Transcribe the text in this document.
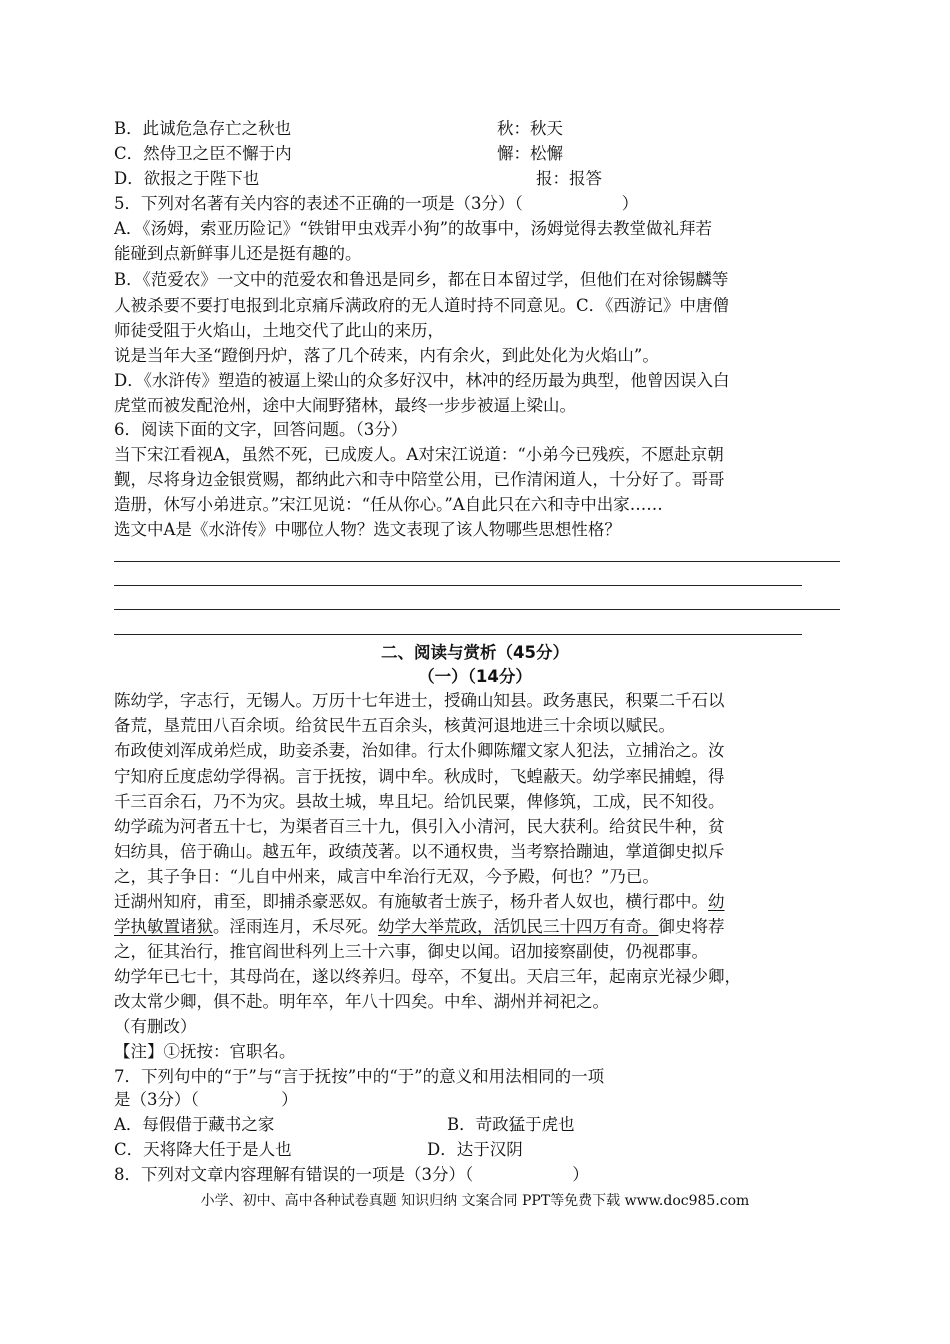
B．此诚危急存亡之秋也	秋：秋天
C．然侍卫之臣不懈于内	懈：松懈
D．欲报之于陛下也	报：报答
5．下列对名著有关内容的表述不正确的一项是（3分）（　　　　　　）
A．《汤姆，索亚历险记》“铁钳甲虫戏弄小狗”的故事中，汤姆觉得去教堂做礼拜若
能碰到点新鲜事儿还是挺有趣的。
B．《范爱农》一文中的范爱农和鲁迅是同乡，都在日本留过学，但他们在对徐锡麟等
人被杀要不要打电报到北京痛斥满政府的无人道时持不同意见。C．《西游记》中唐僧
师徒受阻于火焰山，土地交代了此山的来历，
说是当年大圣“蹬倒丹炉，落了几个砖来，内有余火，到此处化为火焰山”。
D．《水浒传》塑造的被逼上梁山的众多好汉中，林冲的经历最为典型，他曾因误入白
虎堂而被发配沧州，途中大闹野猪林，最终一步步被逼上梁山。
6．阅读下面的文字，回答问题。（3分）
当下宋江看视A，虽然不死，已成废人。A对宋江说道：“小弟今已残疾，不愿赴京朝
觐，尽将身边金银赏赐，都纳此六和寺中陪堂公用，已作清闲道人，十分好了。哥哥
造册，休写小弟进京。”宋江见说：“任从你心。”A自此只在六和寺中出家……
选文中A是《水浒传》中哪位人物？选文表现了该人物哪些思想性格？
二、阅读与赏析（45分）
（一）（14分）
陈幼学，字志行，无锡人。万历十七年进士，授确山知县。政务惠民，积粟二千石以
备荒，垦荒田八百余顷。给贫民牛五百余头，核黄河退地进三十余顷以赋民。
布政使刘浑成弟烂成，助妾杀妻，治如律。行太仆卿陈耀文家人犯法，立捕治之。汝
宁知府丘度虑幼学得祸。言于抚按，调中牟。秋成时，飞蝗蔽天。幼学率民捕蝗，得
千三百余石，乃不为灾。县故土城，卑且圮。给饥民粟，俾修筑，工成，民不知役。
幼学疏为河者五十七，为渠者百三十九，俱引入小清河，民大获利。给贫民牛种，贫
妇纺具，倍于确山。越五年，政绩茂著。以不通权贵，当考察拾蹦迪，掌道御史拟斥
之，其子争日：“儿自中州来，咸言中牟治行无双，今予殿，何也？”乃已。
迁湖州知府，甫至，即捕杀豪恶奴。有施敏者士族子，杨升者人奴也，横行郡中。幼
学执敏置诸狱。淫雨连月，禾尽死。幼学大举荒政，活饥民三十四万有奇。御史将荐
之，征其治行，推官阎世科列上三十六事，御史以闻。诏加接察副使，仍视郡事。
幼学年已七十，其母尚在，遂以终养归。母卒，不复出。天启三年，起南京光禄少卿，
改太常少卿，俱不赴。明年卒，年八十四矣。中牟、湖州并祠祀之。
（有删改）
【注】①抚按：官职名。
7．下列句中的“于”与“言于抚按”中的“于”的意义和用法相同的一项
是（3分）（　　　　　）
A．每假借于藏书之家	B．苛政猛于虎也
C．天将降大任于是人也	D．达于汉阴
8．下列对文章内容理解有错误的一项是（3分）（　　　　　　）
小学、初中、高中各种试卷真题 知识归纳 文案合同 PPT等免费下载 www.doc985.com
